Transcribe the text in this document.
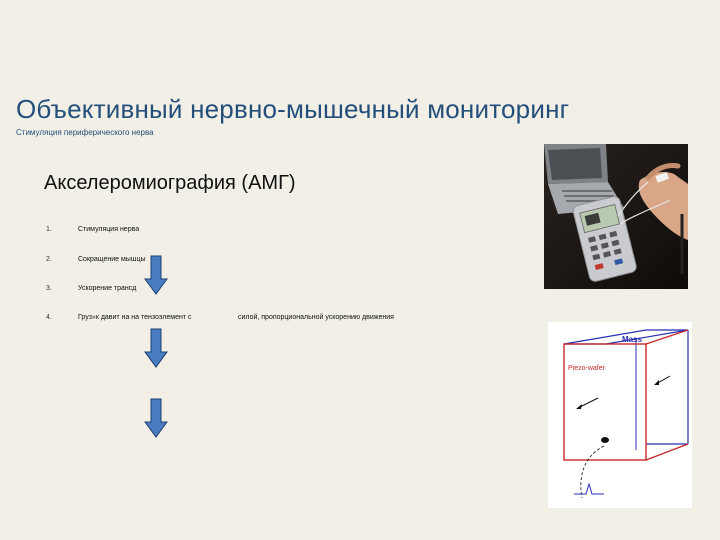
Объективный нервно-мышечный мониторинг
Стимуляция периферического нерва
Акселеромиография (АМГ)
1.	Стимуляция нерва
2.	Сокращение мышцы
3.	Ускорение трансд
4.	Груз»к давит на на тензоэлемент с	силой, пропорциональной ускорению движения
Mass
Piezo-wafer
